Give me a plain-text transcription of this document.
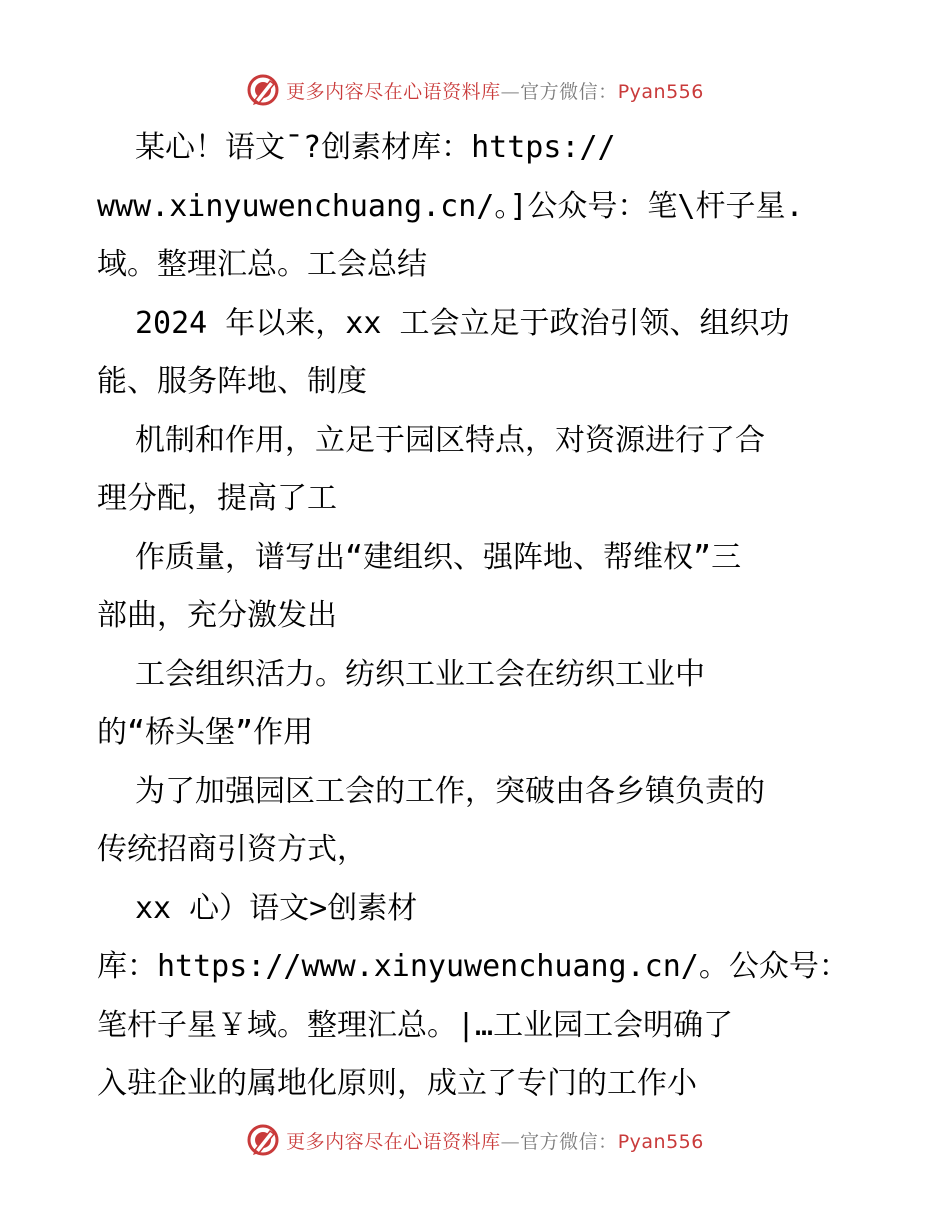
更多内容尽在心语资料库—官方微信：Pyan556
某心！语文¯?创素材库：https://
www.xinyuwenchuang.cn/。]公众号：笔\杆子星.
域。整理汇总。工会总结
2024 年以来，xx 工会立足于政治引领、组织功
能、服务阵地、制度
机制和作用，立足于园区特点，对资源进行了合
理分配，提高了工
作质量，谱写出“建组织、强阵地、帮维权”三
部曲，充分激发出
工会组织活力。纺织工业工会在纺织工业中
的“桥头堡”作用
为了加强园区工会的工作，突破由各乡镇负责的
传统招商引资方式，
xx 心）语文>创素材
库：https://www.xinyuwenchuang.cn/。公众号：
笔杆子星￥域。整理汇总。|…工业园工会明确了
入驻企业的属地化原则，成立了专门的工作小
更多内容尽在心语资料库—官方微信：Pyan556
